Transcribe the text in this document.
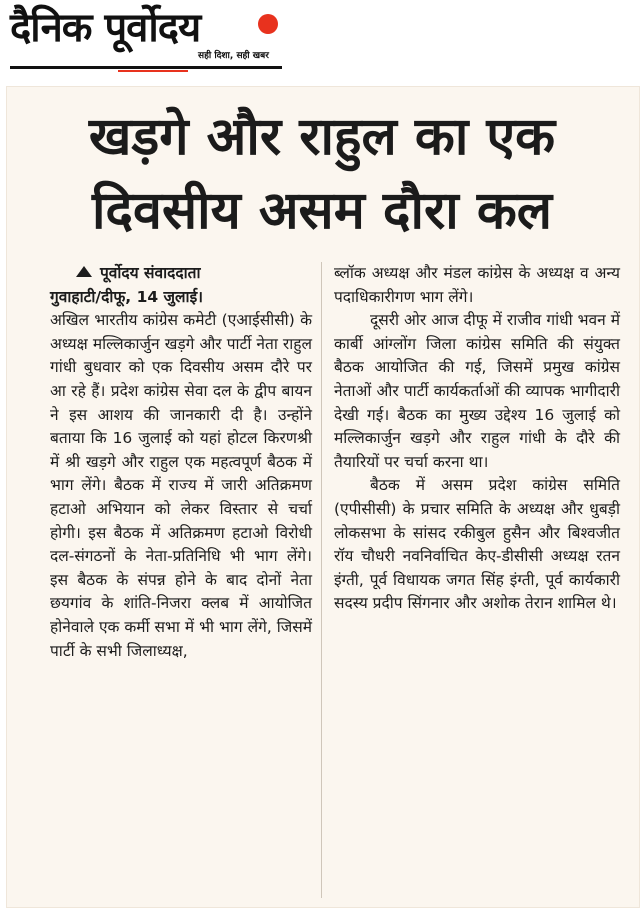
दैनिक पूर्वोदय
सही दिशा, सही खबर
खड़गे और राहुल का एक दिवसीय असम दौरा कल

पूर्वोदय संवाददाता

गुवाहाटी/दीफू, 14 जुलाई।

अखिल भारतीय कांग्रेस कमेटी (एआईसीसी) के अध्यक्ष मल्लिकार्जुन खड़गे और पार्टी नेता राहुल गांधी बुधवार को एक दिवसीय असम दौरे पर आ रहे हैं। प्रदेश कांग्रेस सेवा दल के द्वीप बायन ने इस आशय की जानकारी दी है। उन्होंने बताया कि 16 जुलाई को यहां होटल किरणश्री में श्री खड़गे और राहुल एक महत्वपूर्ण बैठक में भाग लेंगे। बैठक में राज्य में जारी अतिक्रमण हटाओ अभियान को लेकर विस्तार से चर्चा होगी। इस बैठक में अतिक्रमण हटाओ विरोधी दल-संगठनों के नेता-प्रतिनिधि भी भाग लेंगे। इस बैठक के संपन्न होने के बाद दोनों नेता छयगांव के शांति-निजरा क्लब में आयोजित होनेवाले एक कर्मी सभा में भी भाग लेंगे, जिसमें पार्टी के सभी जिलाध्यक्ष,

ब्लॉक अध्यक्ष और मंडल कांग्रेस के अध्यक्ष व अन्य पदाधिकारीगण भाग लेंगे।

दूसरी ओर आज दीफू में राजीव गांधी भवन में कार्बी आंग्लोंग जिला कांग्रेस समिति की संयुक्त बैठक आयोजित की गई, जिसमें प्रमुख कांग्रेस नेताओं और पार्टी कार्यकर्ताओं की व्यापक भागीदारी देखी गई। बैठक का मुख्य उद्देश्य 16 जुलाई को मल्लिकार्जुन खड़गे और राहुल गांधी के दौरे की तैयारियों पर चर्चा करना था।

बैठक में असम प्रदेश कांग्रेस समिति (एपीसीसी) के प्रचार समिति के अध्यक्ष और धुबड़ी लोकसभा के सांसद रकीबुल हुसैन और बिश्वजीत रॉय चौधरी नवनिर्वाचित केए-डीसीसी अध्यक्ष रतन इंग्ती, पूर्व विधायक जगत सिंह इंग्ती, पूर्व कार्यकारी सदस्य प्रदीप सिंगनार और अशोक तेरान शामिल थे।
